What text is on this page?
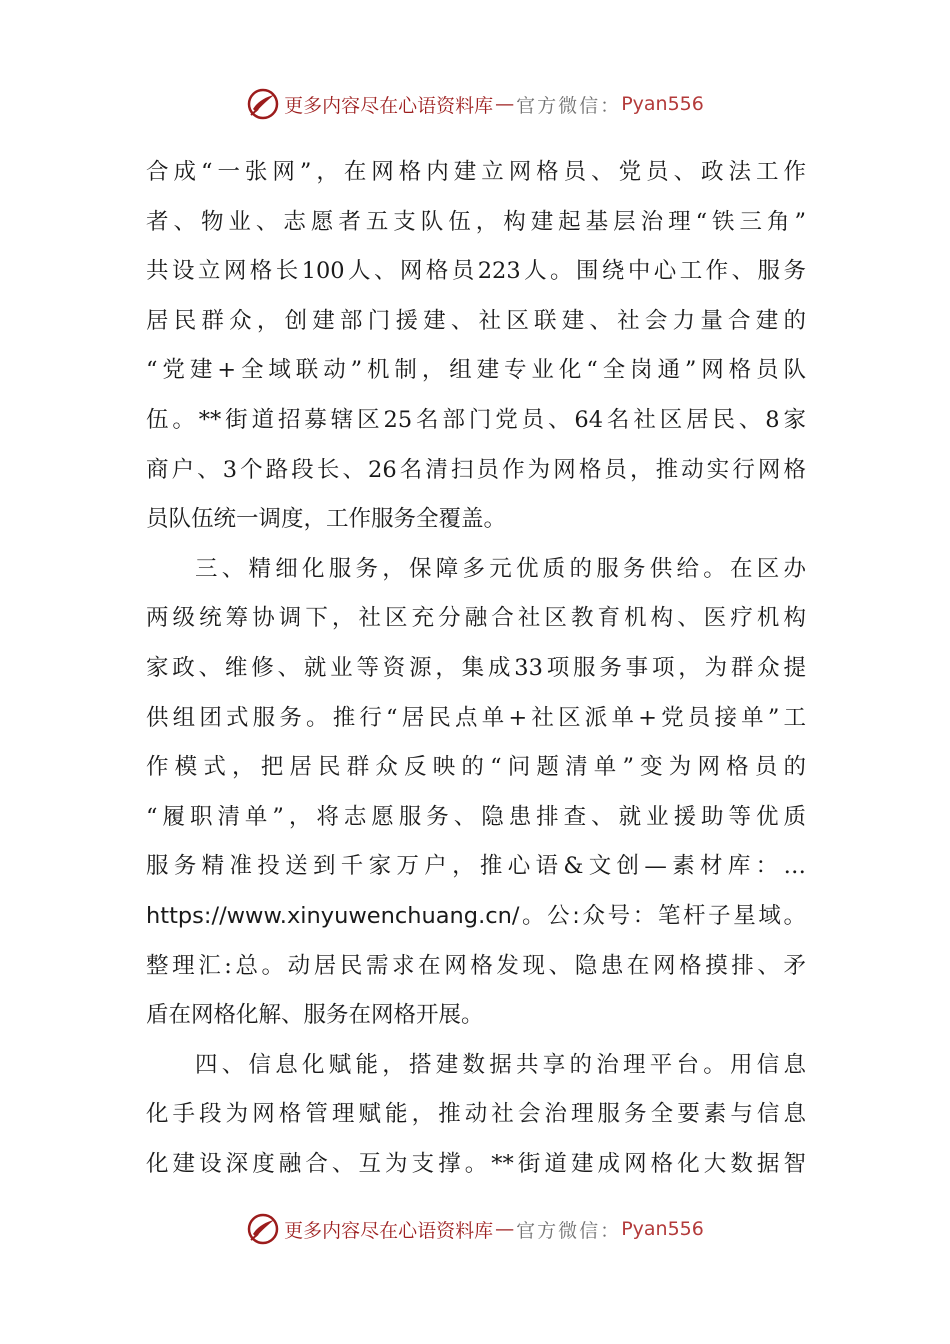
更多内容尽在心语资料库 — 官方微信： Pyan556
合成“一张网”，在网格内建立网格员、党员、政法工作
者、物业、志愿者五支队伍，构建起基层治理“铁三角”
共设立网格长100人、网格员223人。围绕中心工作、服务
居民群众，创建部门援建、社区联建、社会力量合建的
“党建+全域联动”机制，组建专业化“全岗通”网格员队
伍。**街道招募辖区25名部门党员、64名社区居民、8家
商户、3个路段长、26名清扫员作为网格员，推动实行网格
员队伍统一调度，工作服务全覆盖。
三、精细化服务，保障多元优质的服务供给。在区办
两级统筹协调下，社区充分融合社区教育机构、医疗机构
家政、维修、就业等资源，集成33项服务事项，为群众提
供组团式服务。推行“居民点单+社区派单+党员接单”工
作模式，把居民群众反映的“问题清单”变为网格员的
“履职清单”，将志愿服务、隐患排查、就业援助等优质
服务精准投送到千家万户，推心语&文创—素材库：…
https://www.xinyuwenchuang.cn/。公:众号：笔杆子星域。
整理汇:总。动居民需求在网格发现、隐患在网格摸排、矛
盾在网格化解、服务在网格开展。
四、信息化赋能，搭建数据共享的治理平台。用信息
化手段为网格管理赋能，推动社会治理服务全要素与信息
化建设深度融合、互为支撑。**街道建成网格化大数据智
更多内容尽在心语资料库 — 官方微信： Pyan556
